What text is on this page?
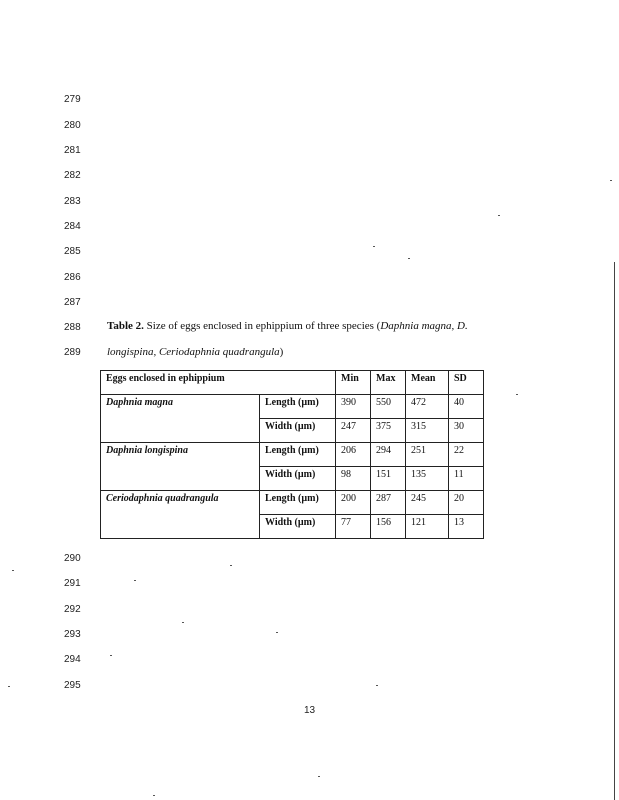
279
280
281
282
283
284
285
286
287
288
289
290
291
292
293
294
295
Table 2. Size of eggs enclosed in ephippium of three species (Daphnia magna, D.
longispina, Ceriodaphnia quadrangula)
Eggs enclosed in ephippium		Min	Max	Mean	SD
Daphnia magna	Length (µm)	390	550	472	40
	Width (µm)	247	375	315	30
Daphnia longispina	Length (µm)	206	294	251	22
	Width (µm)	98	151	135	11
Ceriodaphnia quadrangula	Length (µm)	200	287	245	20
	Width (µm)	77	156	121	13
13
